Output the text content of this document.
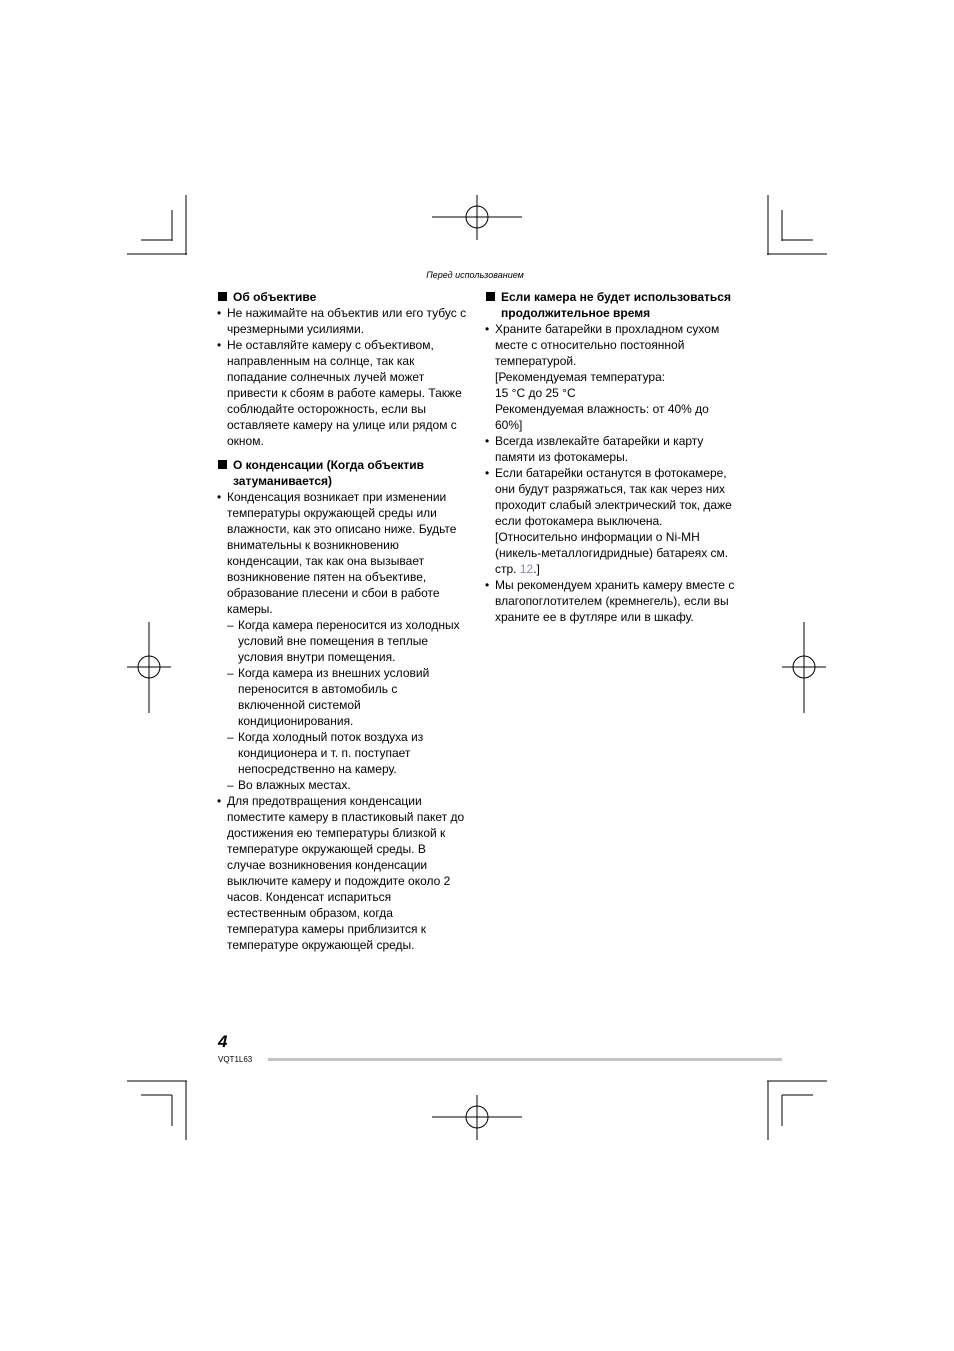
Перед использованием
Об объективе
• Не нажимайте на объектив или его тубус с чрезмерными усилиями.
• Не оставляйте камеру с объективом, направленным на солнце, так как попадание солнечных лучей может привести к сбоям в работе камеры. Также соблюдайте осторожность, если вы оставляете камеру на улице или рядом с окном.
О конденсации (Когда объектив затуманивается)
• Конденсация возникает при изменении температуры окружающей среды или влажности, как это описано ниже. Будьте внимательны к возникновению конденсации, так как она вызывает возникновение пятен на объективе, образование плесени и сбои в работе камеры.
– Когда камера переносится из холодных условий вне помещения в теплые условия внутри помещения.
– Когда камера из внешних условий переносится в автомобиль с включенной системой кондиционирования.
– Когда холодный поток воздуха из кондиционера и т. п. поступает непосредственно на камеру.
– Во влажных местах.
• Для предотвращения конденсации поместите камеру в пластиковый пакет до достижения ею температуры близкой к температуре окружающей среды. В случае возникновения конденсации выключите камеру и подождите около 2 часов. Конденсат испариться естественным образом, когда температура камеры приблизится к температуре окружающей среды.
Если камера не будет использоваться продолжительное время
• Храните батарейки в прохладном сухом месте с относительно постоянной температурой.
[Рекомендуемая температура:
15 °C до 25 °C
Рекомендуемая влажность: от 40% до 60%]
• Всегда извлекайте батарейки и карту памяти из фотокамеры.
• Если батарейки останутся в фотокамере, они будут разряжаться, так как через них проходит слабый электрический ток, даже если фотокамера выключена. [Относительно информации о Ni-MH (никель-металлогидридные) батареях см. стр. 12.]
• Мы рекомендуем хранить камеру вместе с влагопоглотителем (кремнегель), если вы храните ее в футляре или в шкафу.
4
VQT1L63
